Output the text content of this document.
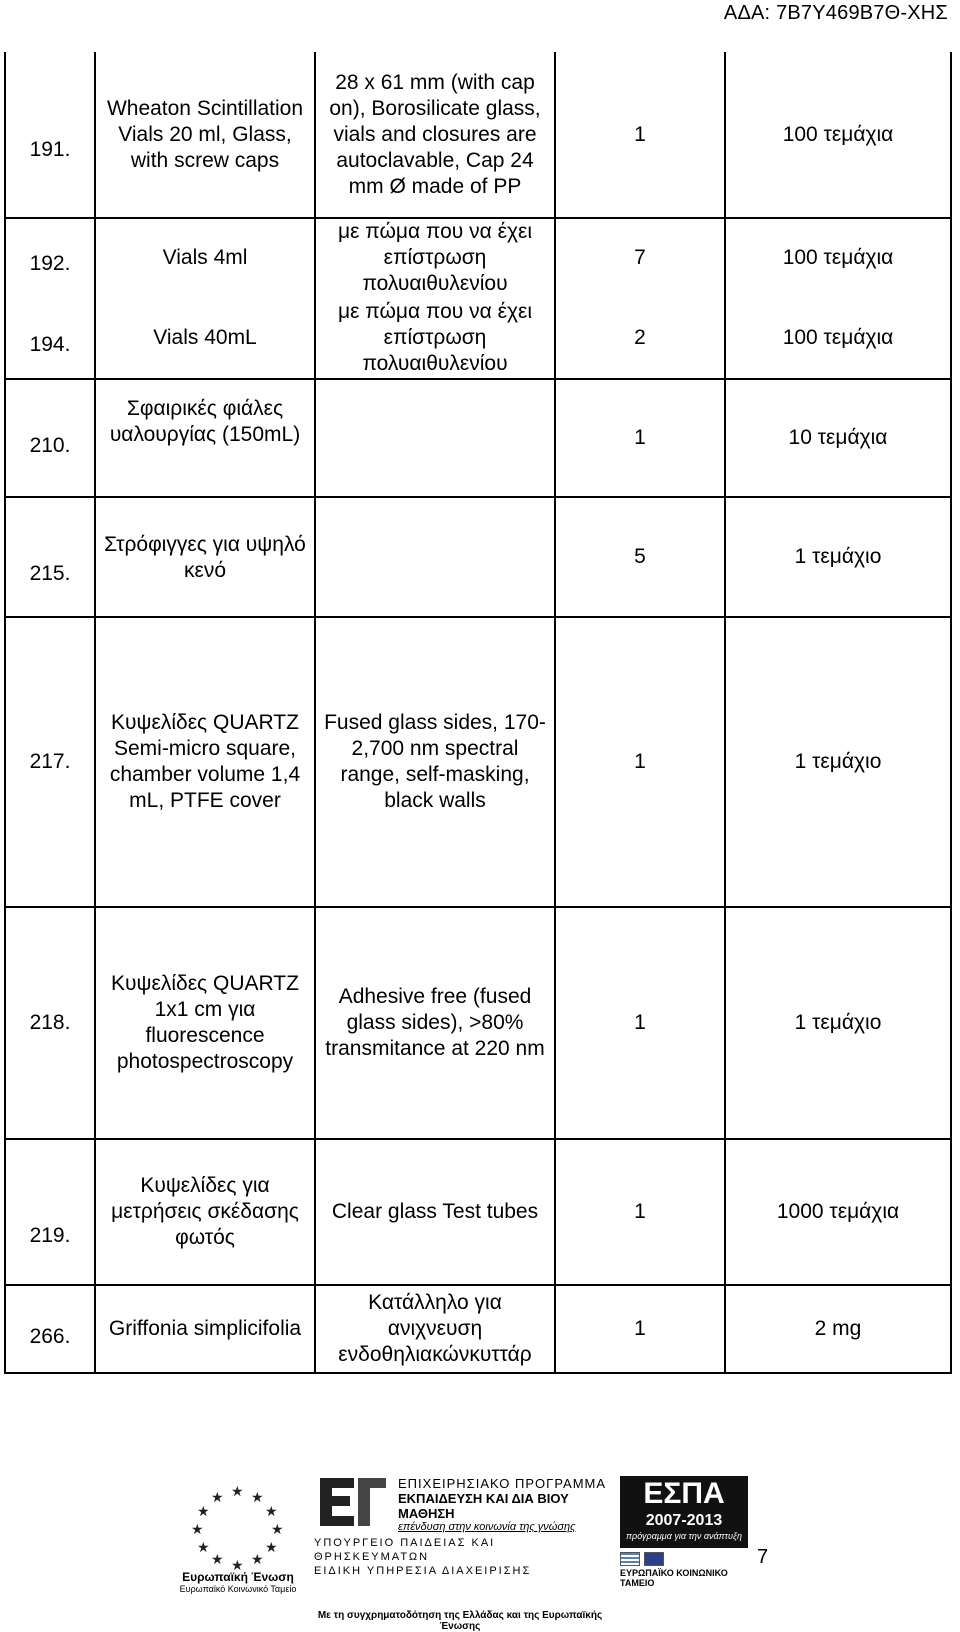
ΑΔΑ: 7Β7Υ469Β7Θ-ΧΗΣ
191.	Wheaton Scintillation Vials 20 ml, Glass, with screw caps	28 x 61 mm (with cap on), Borosilicate glass, vials and closures are autoclavable, Cap 24 mm Ø made of PP	1	100 τεμάχια
192.	Vials 4ml	με πώμα που να έχει επίστρωση πολυαιθυλενίου	7	100 τεμάχια
194.	Vials 40mL	με πώμα που να έχει επίστρωση πολυαιθυλενίου	2	100 τεμάχια
210.	Σφαιρικές φιάλες υαλουργίας (150mL)		1	10 τεμάχια
215.	Στρόφιγγες για υψηλό κενό		5	1 τεμάχιο
217.	Κυψελίδες QUARTZ Semi-micro square, chamber volume 1,4 mL, PTFE cover	Fused glass sides, 170-2,700 nm spectral range, self-masking, black walls	1	1 τεμάχιο
218.	Κυψελίδες QUARTZ 1x1 cm για fluorescence photospectroscopy	Adhesive free (fused glass sides), >80% transmitance at 220 nm	1	1 τεμάχιο
219.	Κυψελίδες για μετρήσεις σκέδασης φωτός	Clear glass Test tubes	1	1000 τεμάχια
266.	Griffonia simplicifolia	Κατάλληλο για ανιχνευση ενδοθηλιακώνκυττάρ	1	2 mg
★ ★
★
★
★
★
★
★
★
★
★
★
Ευρωπαϊκή Ένωση
Ευρωπαϊκό Κοινωνικό Ταμείο
ΕΠΙΧΕΙΡΗΣΙΑΚΟ ΠΡΟΓΡΑΜΜΑ
ΕΚΠΑΙΔΕΥΣΗ ΚΑΙ ΔΙΑ ΒΙΟΥ ΜΑΘΗΣΗ
επένδυση στην κοινωνία της γνώσης
ΥΠΟΥΡΓΕΙΟ ΠΑΙΔΕΙΑΣ ΚΑΙ ΘΡΗΣΚΕΥΜΑΤΩΝ
ΕΙΔΙΚΗ ΥΠΗΡΕΣΙΑ ΔΙΑΧΕΙΡΙΣΗΣ
ΕΣΠΑ
2007-2013
πρόγραμμα για την ανάπτυξη
ΕΥΡΩΠΑΪΚΟ ΚΟΙΝΩΝΙΚΟ ΤΑΜΕΙΟ
Με τη συγχρηματοδότηση της Ελλάδας και της Ευρωπαϊκής Ένωσης
7
